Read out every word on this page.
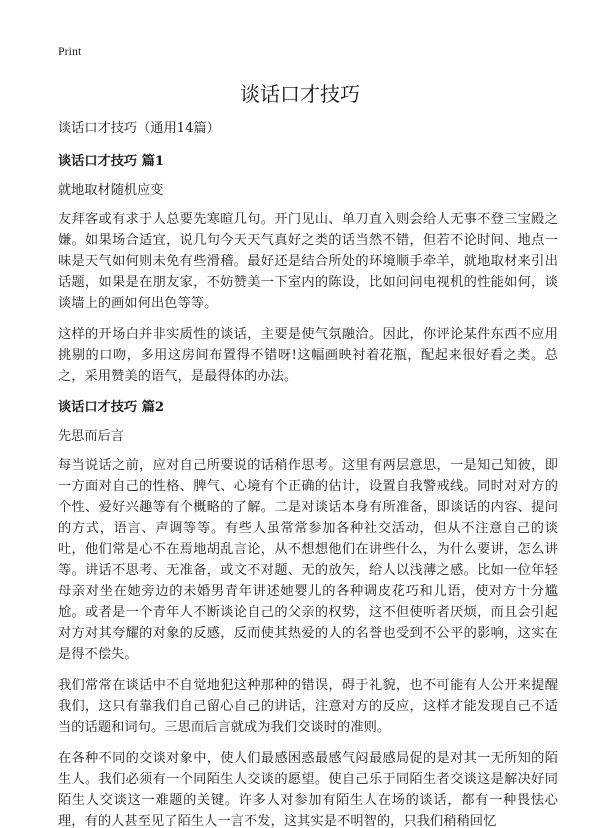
Print
谈话口才技巧

谈话口才技巧（通用14篇）

谈话口才技巧 篇1

就地取材随机应变

友拜客或有求于人总要先寒暄几句。开门见山、单刀直入则会给人无事不登三宝殿之嫌。如果场合适宜，说几句今天天气真好之类的话当然不错，但若不论时间、地点一味是天气如何则未免有些滑稽。最好还是结合所处的环境顺手牵羊，就地取材来引出话题，如果是在朋友家，不妨赞美一下室内的陈设，比如问问电视机的性能如何，谈谈墙上的画如何出色等等。

这样的开场白并非实质性的谈话，主要是使气氛融洽。因此，你评论某件东西不应用挑剔的口吻，多用这房间布置得不错呀!这幅画映衬着花瓶，配起来很好看之类。总之，采用赞美的语气，是最得体的办法。

谈话口才技巧 篇2

先思而后言

每当说话之前，应对自己所要说的话稍作思考。这里有两层意思，一是知己知彼，即一方面对自己的性格、脾气、心境有个正确的估计，设置自我警戒线。同时对对方的个性、爱好兴趣等有个概略的了解。二是对谈话本身有所准备，即谈话的内容、提问的方式，语言、声调等等。有些人虽常常参加各种社交活动，但从不注意自己的谈吐，他们常是心不在焉地胡乱言论，从不想想他们在讲些什么，为什么要讲，怎么讲等。讲话不思考、无准备，或文不对题、无的放矢，给人以浅薄之感。比如一位年轻母亲对坐在她旁边的未婚男青年讲述她婴儿的各种调皮花巧和儿语，使对方十分尴尬。或者是一个青年人不断谈论自己的父亲的权势，这不但使听者厌烦，而且会引起对方对其夸耀的对象的反感，反而使其热爱的人的名誉也受到不公平的影响，这实在是得不偿失。

我们常常在谈话中不自觉地犯这种那种的错误，碍于礼貌，也不可能有人公开来提醒我们，这只有靠我们自己留心自己的讲话，注意对方的反应，这样才能发现自己不适当的话题和词句。三思而后言就成为我们交谈时的准则。

在各种不同的交谈对象中，使人们最感困惑最感气闷最感局促的是对其一无所知的陌生人。我们必须有一个同陌生人交谈的愿望。使自己乐于同陌生者交谈这是解决好同陌生人交谈这一难题的关键。许多人对参加有陌生人在场的谈话，都有一种畏怯心理，有的人甚至见了陌生人一言不发，这其实是不明智的，只我们稍稍回忆
